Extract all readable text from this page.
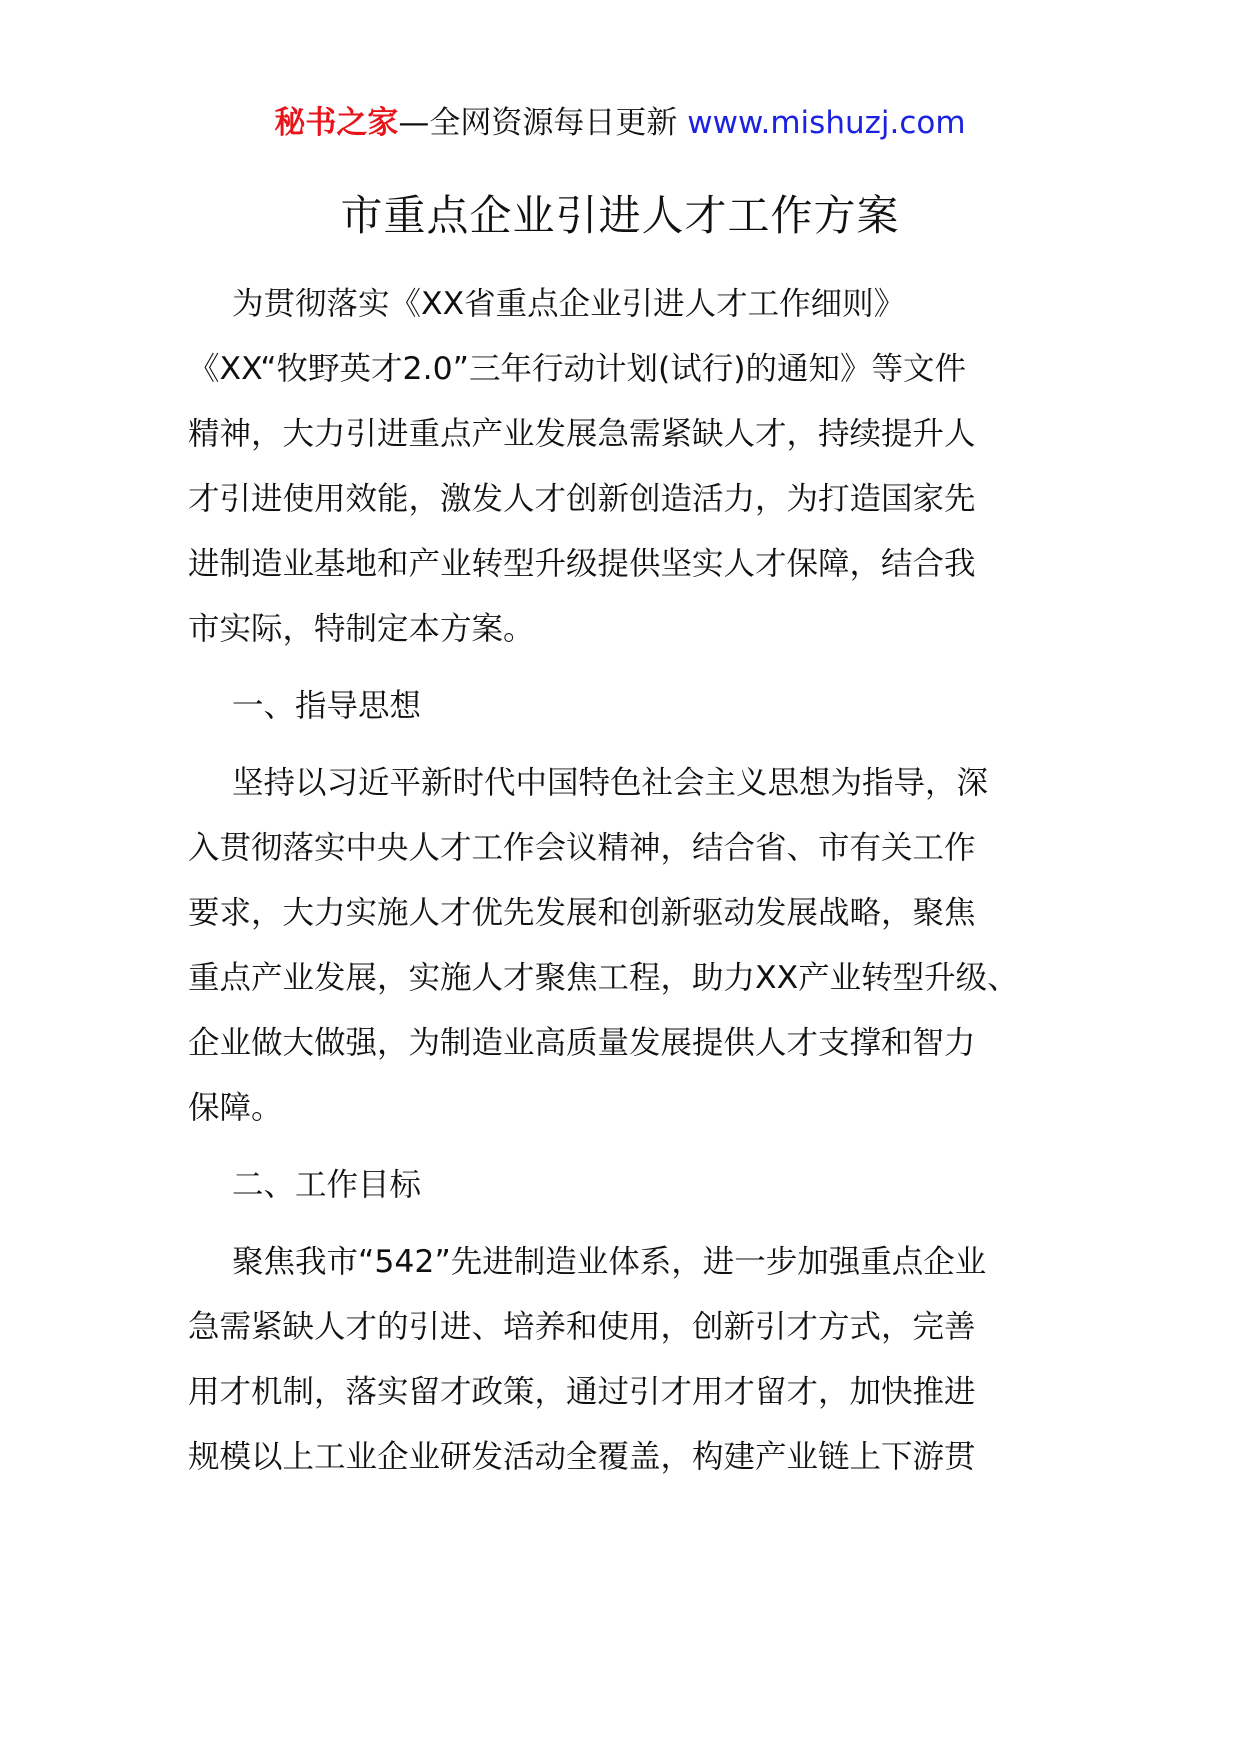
秘书之家—全网资源每日更新 www.mishuzj.com
市重点企业引进人才工作方案

为贯彻落实《XX省重点企业引进人才工作细则》
《XX“牧野英才2.0”三年行动计划(试行)的通知》等文件
精神，大力引进重点产业发展急需紧缺人才，持续提升人
才引进使用效能，激发人才创新创造活力，为打造国家先
进制造业基地和产业转型升级提供坚实人才保障，结合我
市实际，特制定本方案。

一、指导思想

坚持以习近平新时代中国特色社会主义思想为指导，深
入贯彻落实中央人才工作会议精神，结合省、市有关工作
要求，大力实施人才优先发展和创新驱动发展战略，聚焦
重点产业发展，实施人才聚焦工程，助力XX产业转型升级、
企业做大做强，为制造业高质量发展提供人才支撑和智力
保障。

二、工作目标

聚焦我市“542”先进制造业体系，进一步加强重点企业
急需紧缺人才的引进、培养和使用，创新引才方式，完善
用才机制，落实留才政策，通过引才用才留才，加快推进
规模以上工业企业研发活动全覆盖，构建产业链上下游贯
